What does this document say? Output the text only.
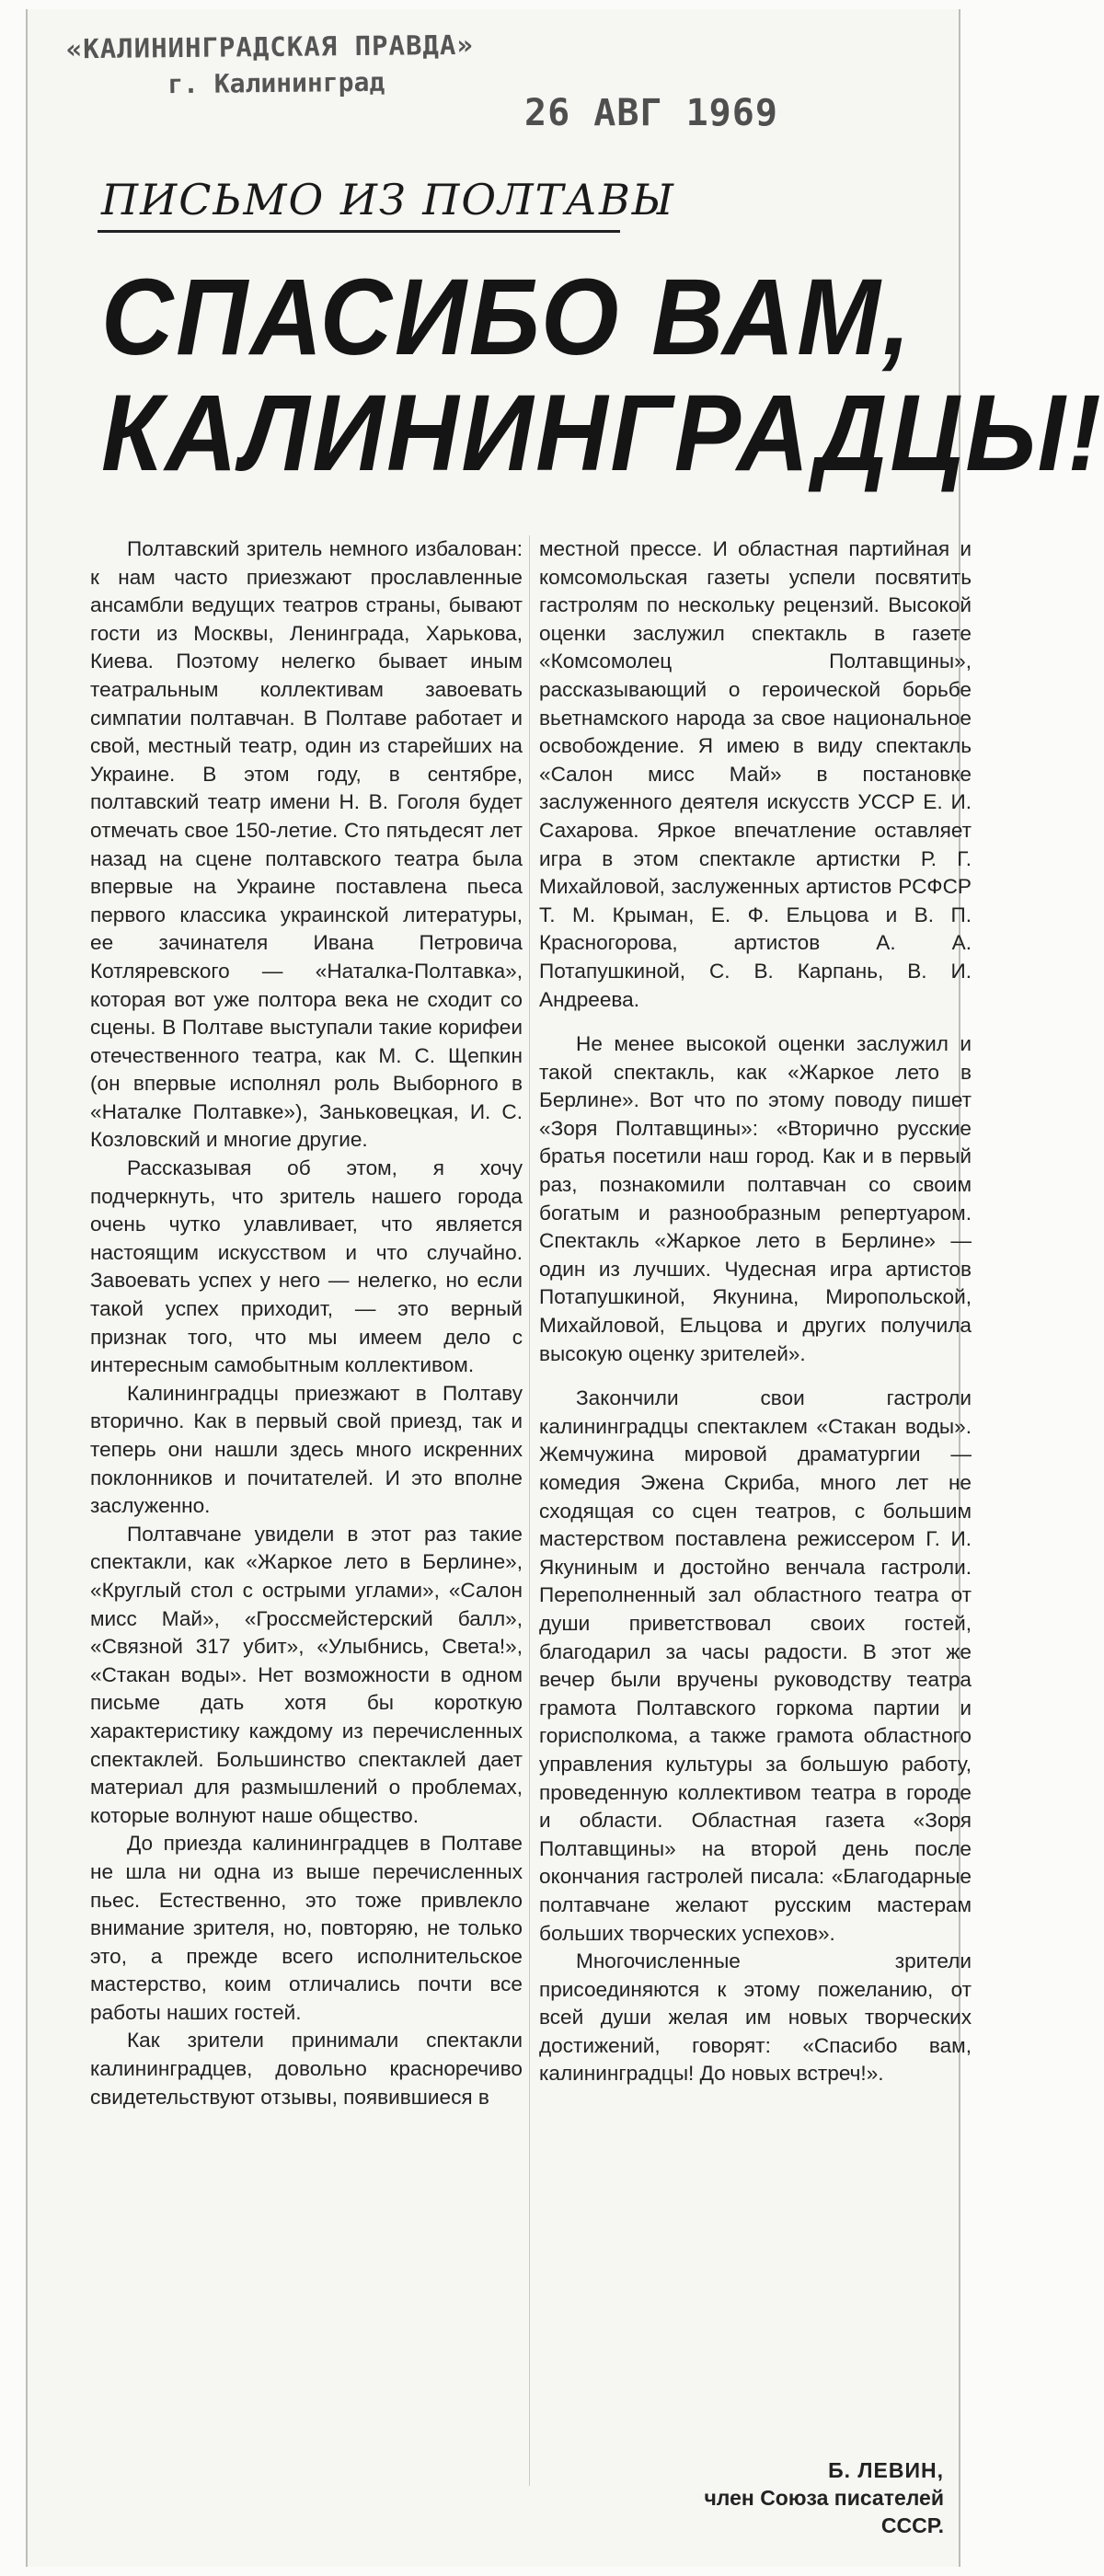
«КАЛИНИНГРАДСКАЯ ПРАВДА»
г. Калининград
26 АВГ 1969
ПИСЬМО ИЗ ПОЛТАВЫ
СПАСИБО ВАМ,
КАЛИНИНГРАДЦЫ!

Полтавский зритель немного избалован: к нам часто приезжают прославленные ансамбли ведущих театров страны, бывают гости из Москвы, Ленинграда, Харькова, Киева. Поэтому нелегко бывает иным театральным коллективам завоевать симпатии полтавчан. В Полтаве работает и свой, местный театр, один из старейших на Украине. В этом году, в сентябре, полтавский театр имени Н. В. Гоголя будет отмечать свое 150-летие. Сто пятьдесят лет назад на сцене полтавского театра была впервые на Украине поставлена пьеса первого классика украинской литературы, ее зачинателя Ивана Петровича Котляревского — «Наталка-Полтавка», которая вот уже полтора века не сходит со сцены. В Полтаве выступали такие корифеи отечественного театра, как М. С. Щепкин (он впервые исполнял роль Выборного в «Наталке Полтавке»), Заньковецкая, И. С. Козловский и многие другие.

Рассказывая об этом, я хочу подчеркнуть, что зритель нашего города очень чутко улавливает, что является настоящим искусством и что случайно. Завоевать успех у него — нелегко, но если такой успех приходит, — это верный признак того, что мы имеем дело с интересным самобытным коллективом.

Калининградцы приезжают в Полтаву вторично. Как в первый свой приезд, так и теперь они нашли здесь много искренних поклонников и почитателей. И это вполне заслуженно.

Полтавчане увидели в этот раз такие спектакли, как «Жаркое лето в Берлине», «Круглый стол с острыми углами», «Салон мисс Май», «Гроссмейстерский балл», «Связной 317 убит», «Улыбнись, Света!», «Стакан воды». Нет возможности в одном письме дать хотя бы короткую характеристику каждому из перечисленных спектаклей. Большинство спектаклей дает материал для размышлений о проблемах, которые волнуют наше общество.

До приезда калининградцев в Полтаве не шла ни одна из выше перечисленных пьес. Естественно, это тоже привлекло внимание зрителя, но, повторяю, не только это, а прежде всего исполнительское мастерство, коим отличались почти все работы наших гостей.

Как зрители принимали спектакли калининградцев, довольно красноречиво свидетельствуют отзывы, появившиеся в

местной прессе. И областная партийная и комсомольская газеты успели посвятить гастролям по нескольку рецензий. Высокой оценки заслужил спектакль в газете «Комсомолец Полтавщины», рассказывающий о героической борьбе вьетнамского народа за свое национальное освобождение. Я имею в виду спектакль «Салон мисс Май» в постановке заслуженного деятеля искусств УССР Е. И. Сахарова. Яркое впечатление оставляет игра в этом спектакле артистки Р. Г. Михайловой, заслуженных артистов РСФСР Т. М. Крыман, Е. Ф. Ельцова и В. П. Красногорова, артистов А. А. Потапушкиной, С. В. Карпань, В. И. Андреева.

Не менее высокой оценки заслужил и такой спектакль, как «Жаркое лето в Берлине». Вот что по этому поводу пишет «Зоря Полтавщины»: «Вторично русские братья посетили наш город. Как и в первый раз, познакомили полтавчан со своим богатым и разнообразным репертуаром. Спектакль «Жаркое лето в Берлине» — один из лучших. Чудесная игра артистов Потапушкиной, Якунина, Миропольской, Михайловой, Ельцова и других получила высокую оценку зрителей».

Закончили свои гастроли калининградцы спектаклем «Стакан воды». Жемчужина мировой драматургии — комедия Эжена Скриба, много лет не сходящая со сцен театров, с большим мастерством поставлена режиссером Г. И. Якуниным и достойно венчала гастроли. Переполненный зал областного театра от души приветствовал своих гостей, благодарил за часы радости. В этот же вечер были вручены руководству театра грамота Полтавского горкома партии и горисполкома, а также грамота областного управления культуры за большую работу, проведенную коллективом театра в городе и области. Областная газета «Зоря Полтавщины» на второй день после окончания гастролей писала: «Благодарные полтавчане желают русским мастерам больших творческих успехов».

Многочисленные зрители присоединяются к этому пожеланию, от всей души желая им новых творческих достижений, говорят: «Спасибо вам, калининградцы! До новых встреч!».

Б. ЛЕВИН,
член Союза писателей
СССР.
